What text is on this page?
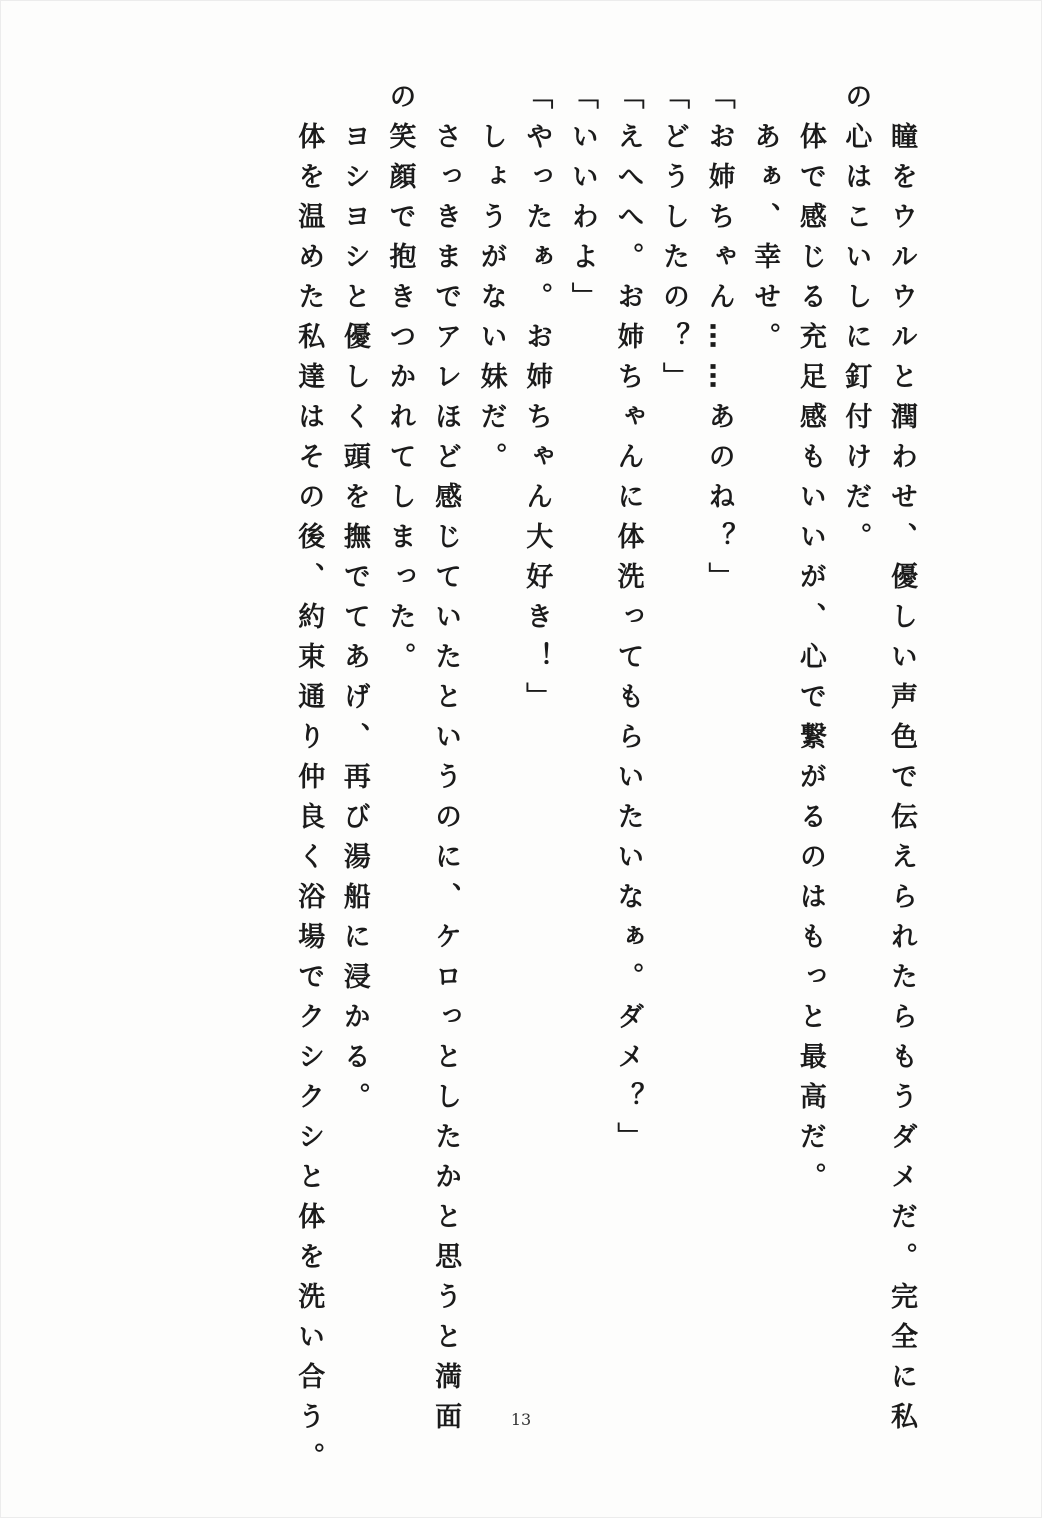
瞳をウルウルと潤わせ、優しい声色で伝えられたらもうダメだ。完全に私
の心はこいしに釘付けだ。
体で感じる充足感もいいが、心で繋がるのはもっと最高だ。
あぁ、幸せ。
「お姉ちゃん……あのね？」
「どうしたの？」
「えへへ。お姉ちゃんに体洗ってもらいたいなぁ。ダメ？」
「いいわよ」
「やったぁ。お姉ちゃん大好き！」
しょうがない妹だ。
さっきまでアレほど感じていたというのに、ケロっとしたかと思うと満面
の笑顔で抱きつかれてしまった。
ヨシヨシと優しく頭を撫でてあげ、再び湯船に浸かる。
体を温めた私達はその後、約束通り仲良く浴場でクシクシと体を洗い合う。	13
